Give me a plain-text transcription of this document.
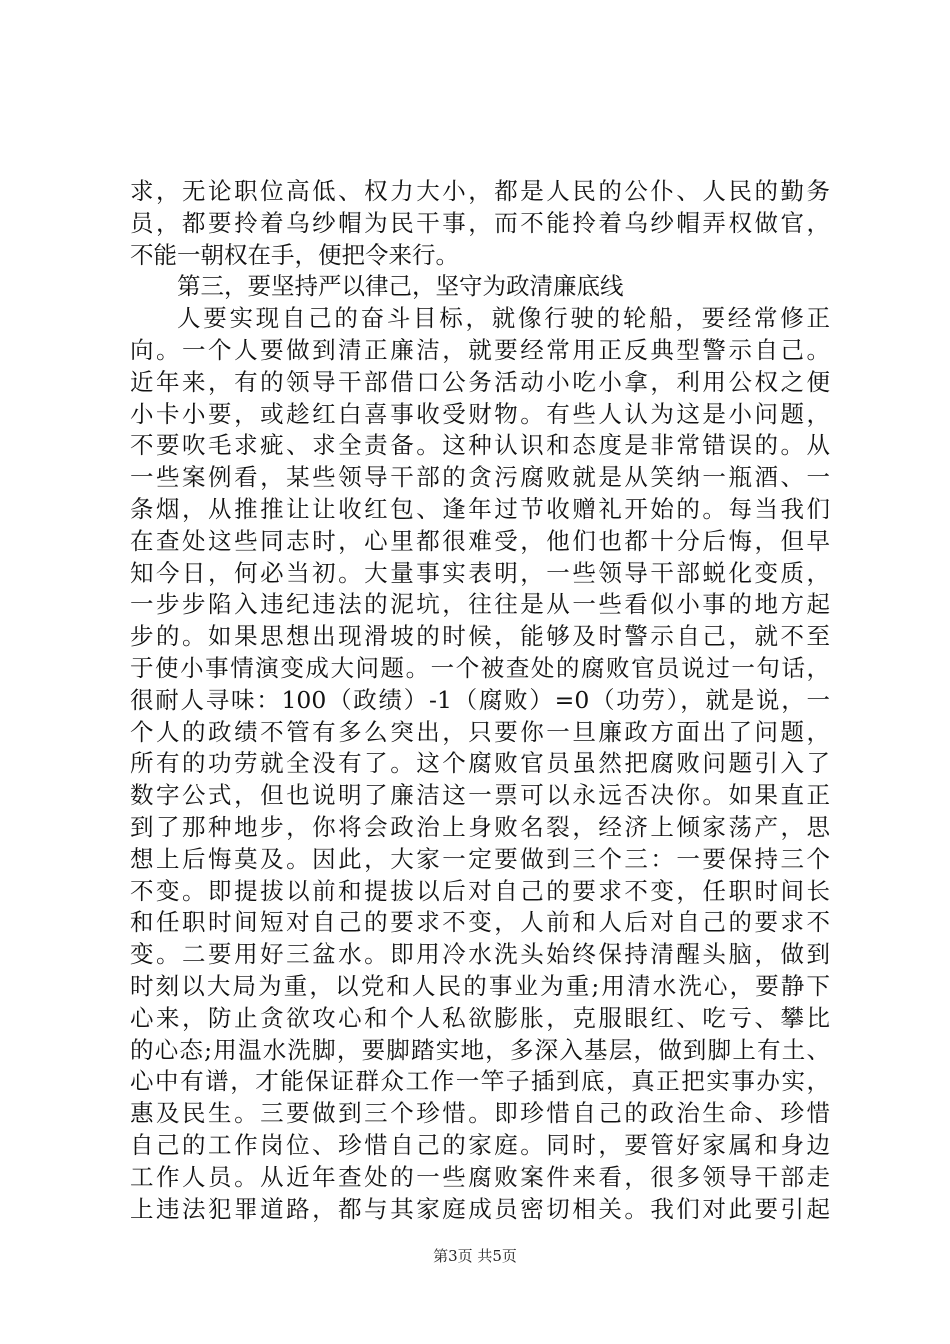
求，无论职位高低、权力大小，都是人民的公仆、人民的勤务
员，都要拎着乌纱帽为民干事，而不能拎着乌纱帽弄权做官，
不能一朝权在手，便把令来行。
第三，要坚持严以律己，坚守为政清廉底线
人要实现自己的奋斗目标，就像行驶的轮船，要经常修正
向。一个人要做到清正廉洁，就要经常用正反典型警示自己。
近年来，有的领导干部借口公务活动小吃小拿，利用公权之便
小卡小要，或趁红白喜事收受财物。有些人认为这是小问题，
不要吹毛求疵、求全责备。这种认识和态度是非常错误的。从
一些案例看，某些领导干部的贪污腐败就是从笑纳一瓶酒、一
条烟，从推推让让收红包、逢年过节收赠礼开始的。每当我们
在查处这些同志时，心里都很难受，他们也都十分后悔，但早
知今日，何必当初。大量事实表明，一些领导干部蜕化变质，
一步步陷入违纪违法的泥坑，往往是从一些看似小事的地方起
步的。如果思想出现滑坡的时候，能够及时警示自己，就不至
于使小事情演变成大问题。一个被查处的腐败官员说过一句话，
很耐人寻味：100（政绩）-1（腐败）=0（功劳），就是说，一
个人的政绩不管有多么突出，只要你一旦廉政方面出了问题，
所有的功劳就全没有了。这个腐败官员虽然把腐败问题引入了
数字公式，但也说明了廉洁这一票可以永远否决你。如果直正
到了那种地步，你将会政治上身败名裂，经济上倾家荡产，思
想上后悔莫及。因此，大家一定要做到三个三：一要保持三个
不变。即提拔以前和提拔以后对自己的要求不变，任职时间长
和任职时间短对自己的要求不变，人前和人后对自己的要求不
变。二要用好三盆水。即用冷水洗头始终保持清醒头脑，做到
时刻以大局为重，以党和人民的事业为重;用清水洗心，要静下
心来，防止贪欲攻心和个人私欲膨胀，克服眼红、吃亏、攀比
的心态;用温水洗脚，要脚踏实地，多深入基层，做到脚上有土、
心中有谱，才能保证群众工作一竿子插到底，真正把实事办实，
惠及民生。三要做到三个珍惜。即珍惜自己的政治生命、珍惜
自己的工作岗位、珍惜自己的家庭。同时，要管好家属和身边
工作人员。从近年查处的一些腐败案件来看，很多领导干部走
上违法犯罪道路，都与其家庭成员密切相关。我们对此要引起
第3页 共5页
